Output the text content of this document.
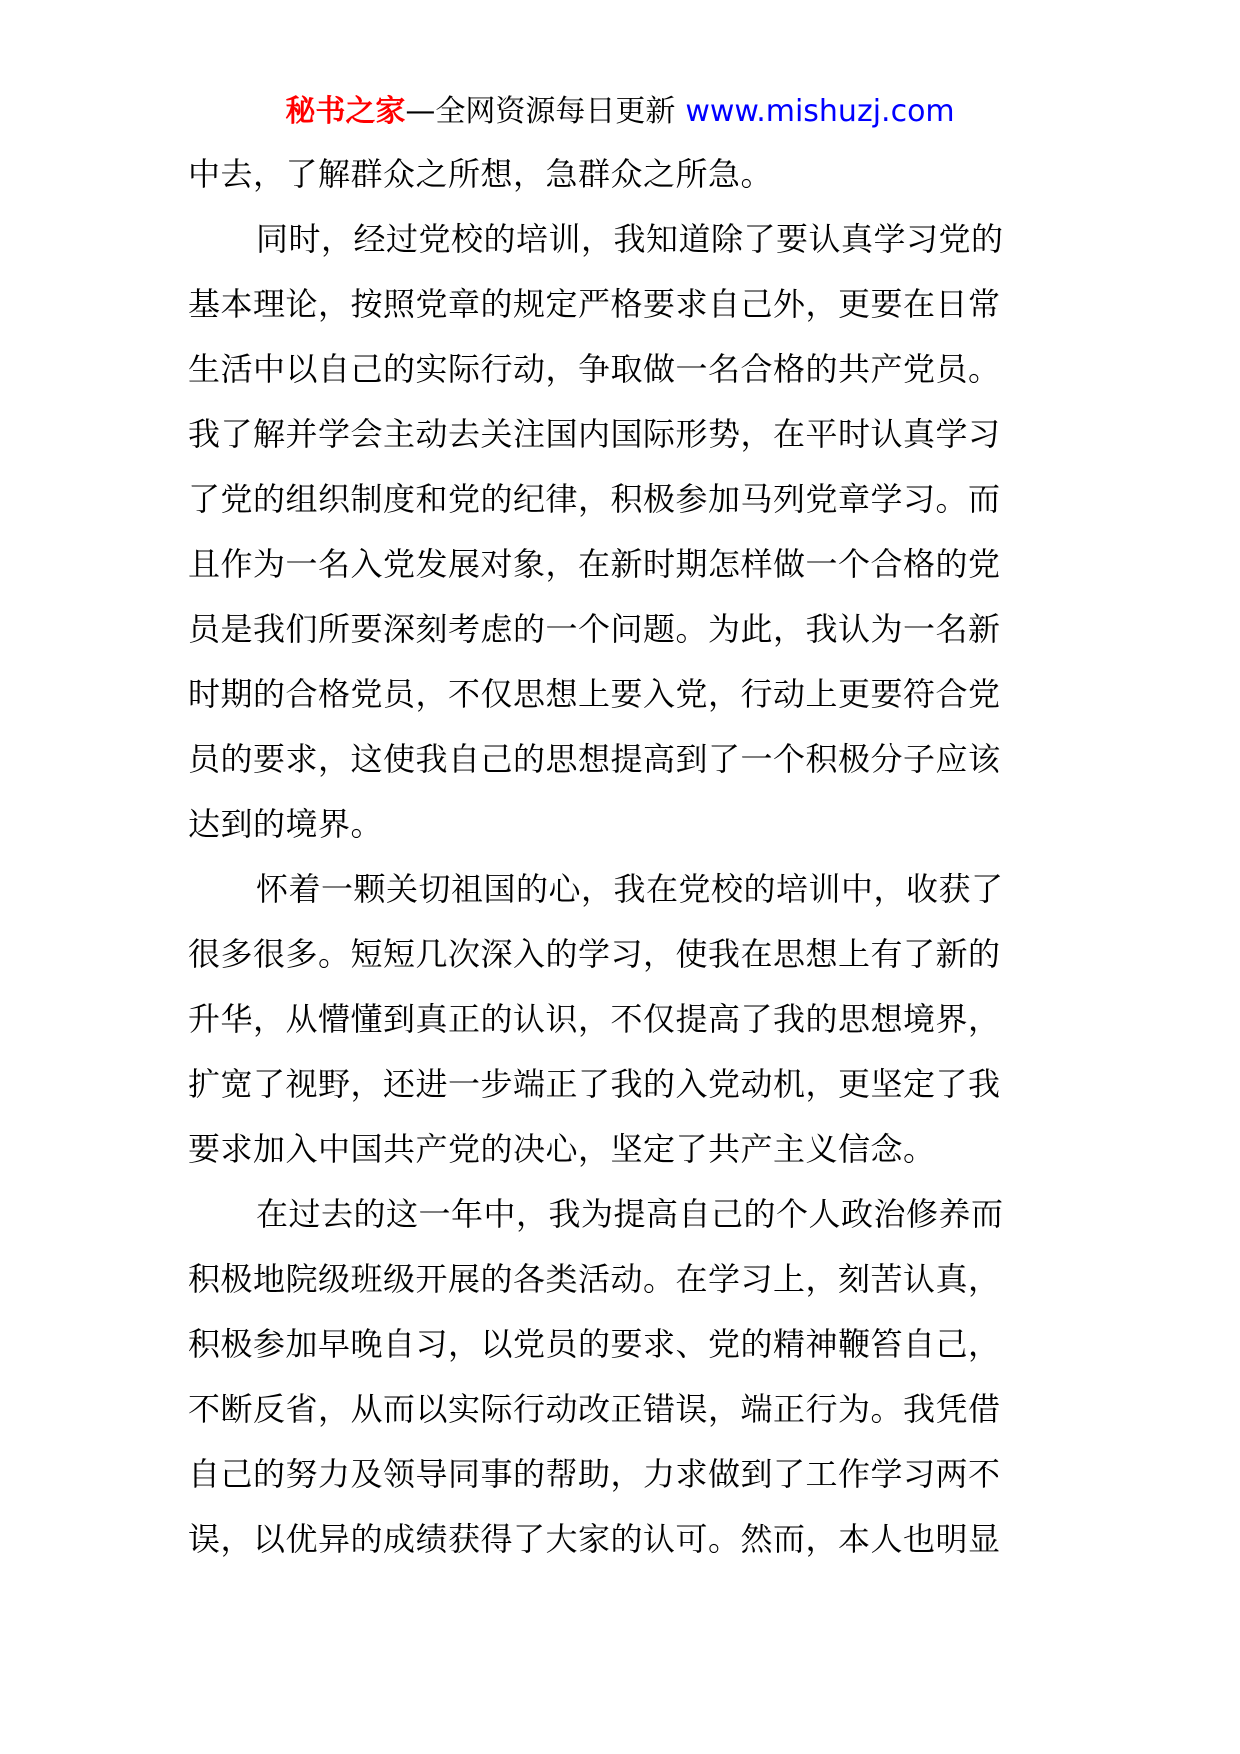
秘书之家—全网资源每日更新 www.mishuzj.com
中去，了解群众之所想，急群众之所急。
同时，经过党校的培训，我知道除了要认真学习党的
基本理论，按照党章的规定严格要求自己外，更要在日常
生活中以自己的实际行动，争取做一名合格的共产党员。
我了解并学会主动去关注国内国际形势，在平时认真学习
了党的组织制度和党的纪律，积极参加马列党章学习。而
且作为一名入党发展对象，在新时期怎样做一个合格的党
员是我们所要深刻考虑的一个问题。为此，我认为一名新
时期的合格党员，不仅思想上要入党，行动上更要符合党
员的要求，这使我自己的思想提高到了一个积极分子应该
达到的境界。
怀着一颗关切祖国的心，我在党校的培训中，收获了
很多很多。短短几次深入的学习，使我在思想上有了新的
升华，从懵懂到真正的认识，不仅提高了我的思想境界，
扩宽了视野，还进一步端正了我的入党动机，更坚定了我
要求加入中国共产党的决心，坚定了共产主义信念。
在过去的这一年中，我为提高自己的个人政治修养而
积极地院级班级开展的各类活动。在学习上，刻苦认真，
积极参加早晚自习，以党员的要求、党的精神鞭笞自己，
不断反省，从而以实际行动改正错误，端正行为。我凭借
自己的努力及领导同事的帮助，力求做到了工作学习两不
误，以优异的成绩获得了大家的认可。然而，本人也明显
